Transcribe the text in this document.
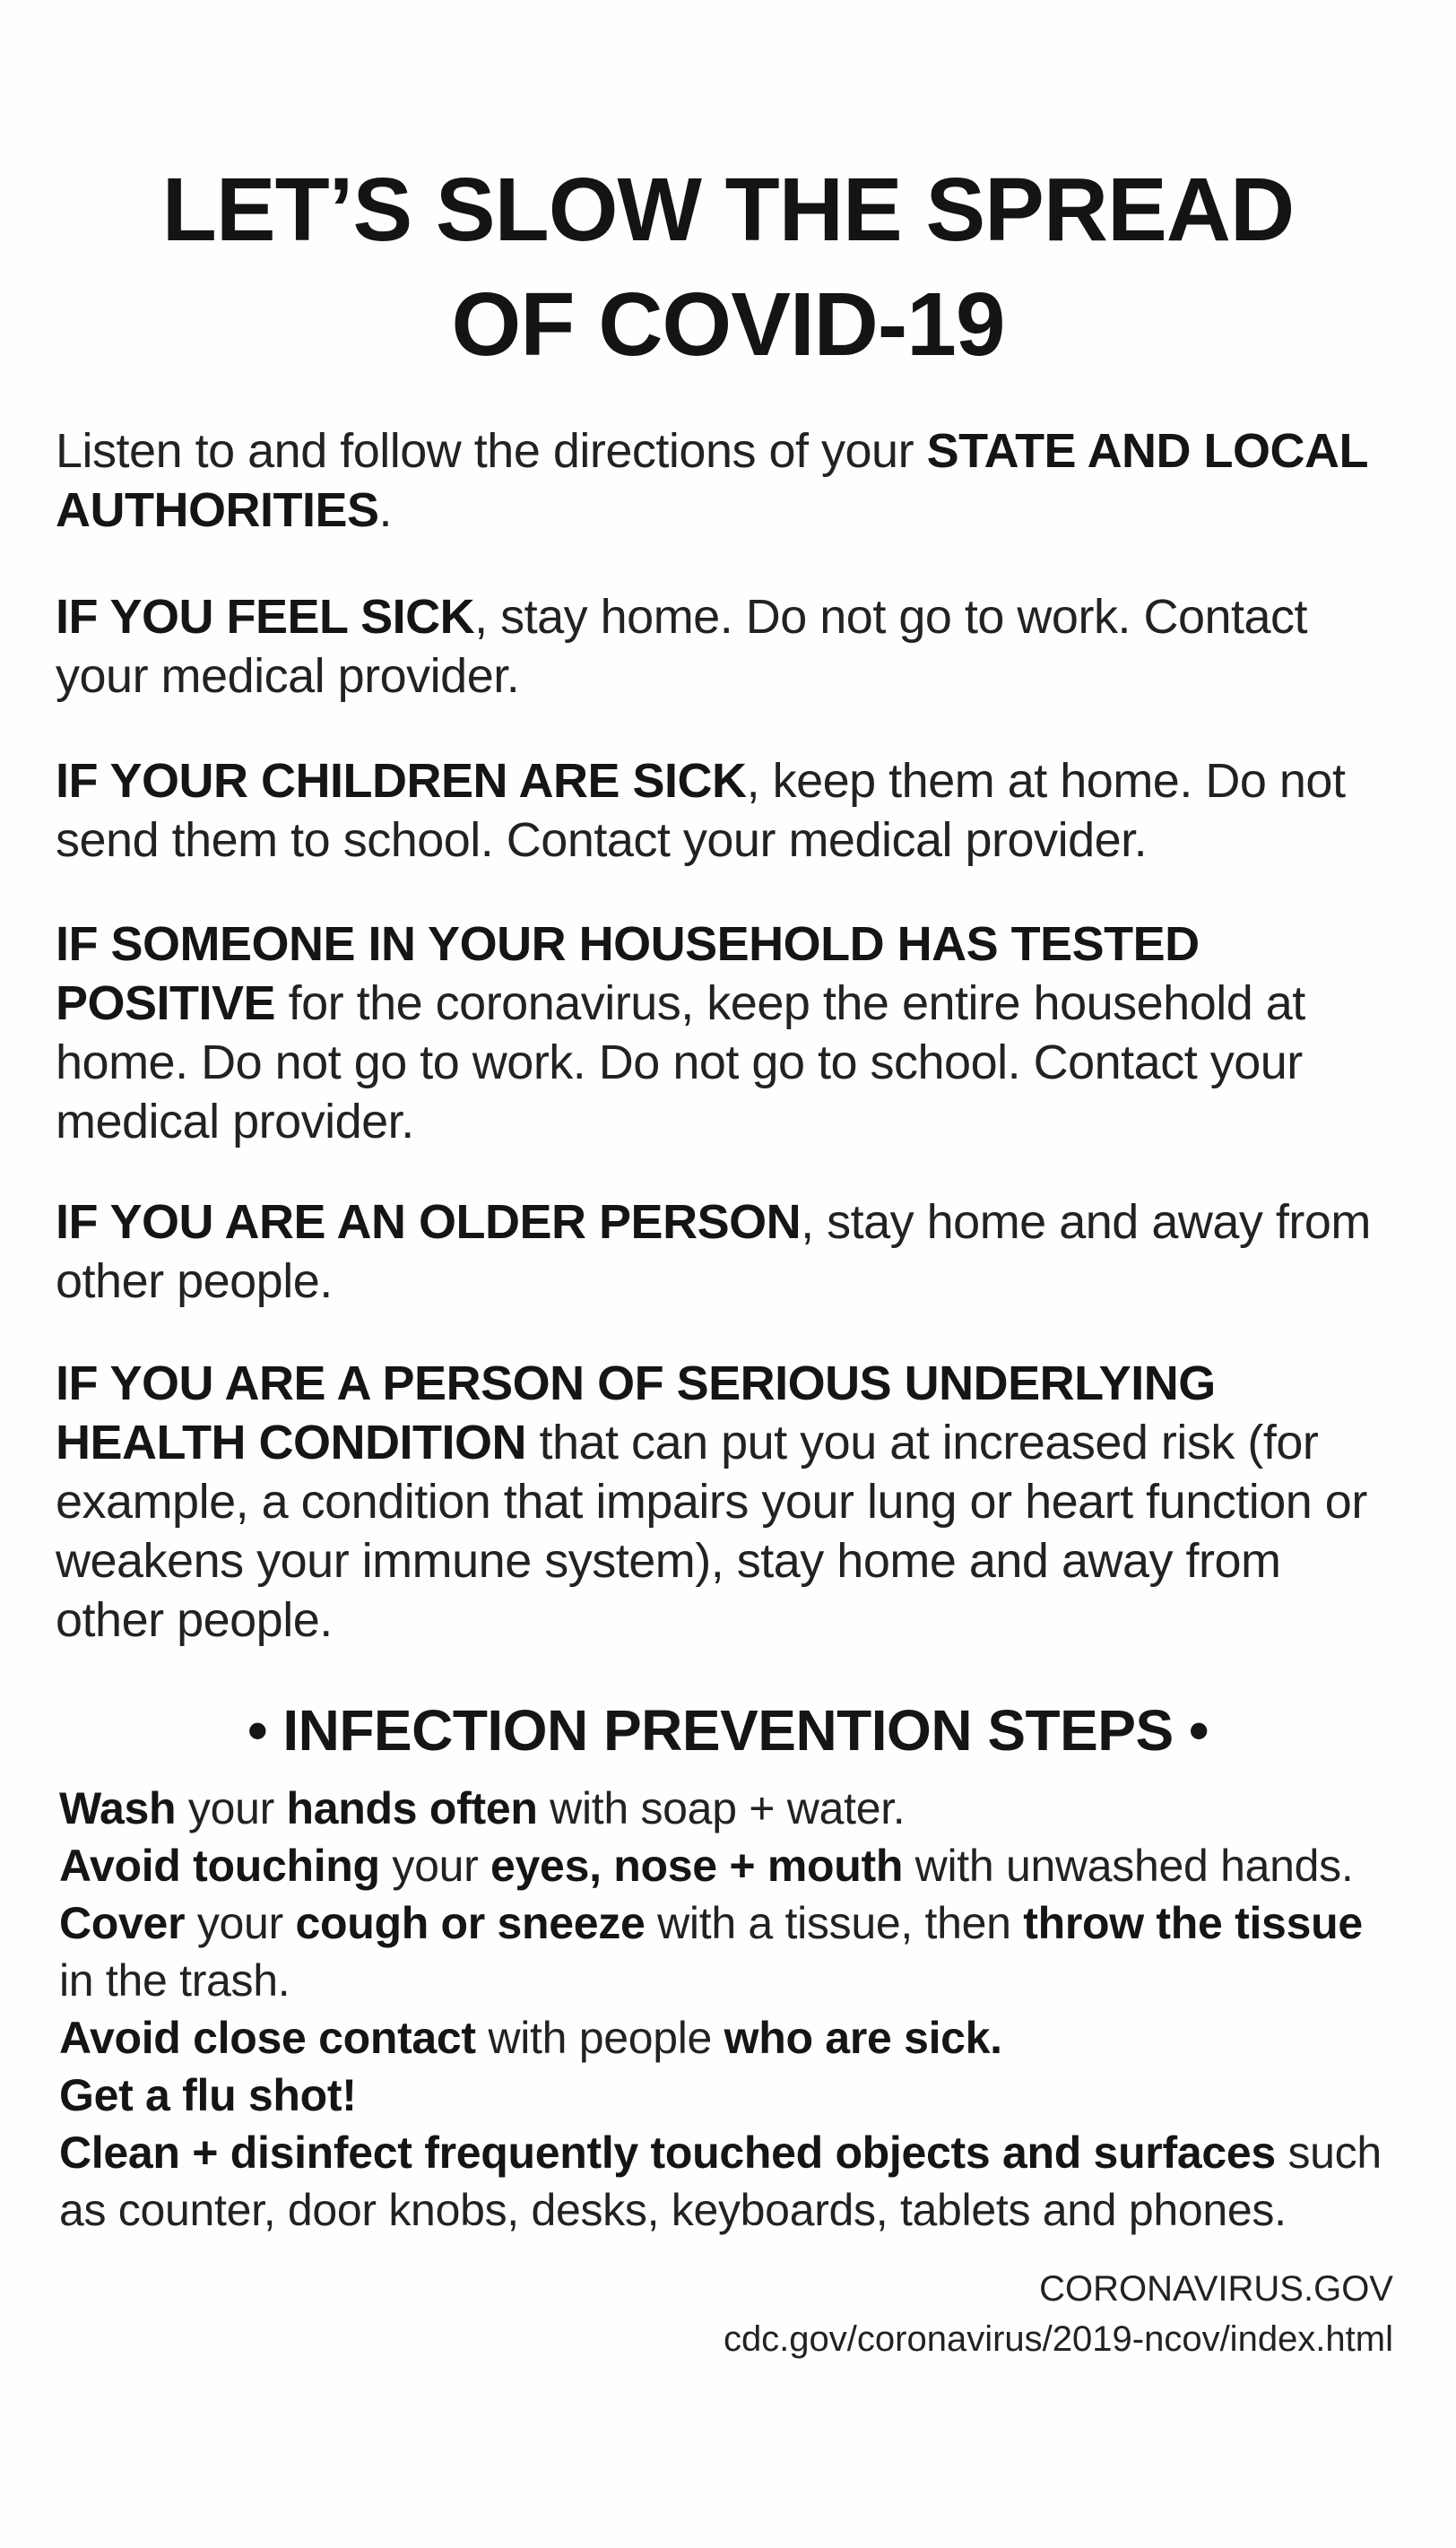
LET’S SLOW THE SPREAD
OF COVID-19
Listen to and follow the directions of your STATE AND LOCAL AUTHORITIES.
IF YOU FEEL SICK, stay home. Do not go to work. Contact your medical provider.
IF YOUR CHILDREN ARE SICK, keep them at home. Do not send them to school. Contact your medical provider.
IF SOMEONE IN YOUR HOUSEHOLD HAS TESTED POSITIVE for the coronavirus, keep the entire household at home. Do not go to work. Do not go to school. Contact your medical provider.
IF YOU ARE AN OLDER PERSON, stay home and away from other people.
IF YOU ARE A PERSON OF SERIOUS UNDERLYING HEALTH CONDITION that can put you at increased risk (for example, a condition that impairs your lung or heart function or weakens your immune system), stay home and away from other people.
• INFECTION PREVENTION STEPS •
Wash your hands often with soap + water.
Avoid touching your eyes, nose + mouth with unwashed hands.
Cover your cough or sneeze with a tissue, then throw the tissue in the trash.
Avoid close contact with people who are sick.
Get a flu shot!
Clean + disinfect frequently touched objects and surfaces such as counter, door knobs, desks, keyboards, tablets and phones.
CORONAVIRUS.GOV
cdc.gov/coronavirus/2019-ncov/index.html
